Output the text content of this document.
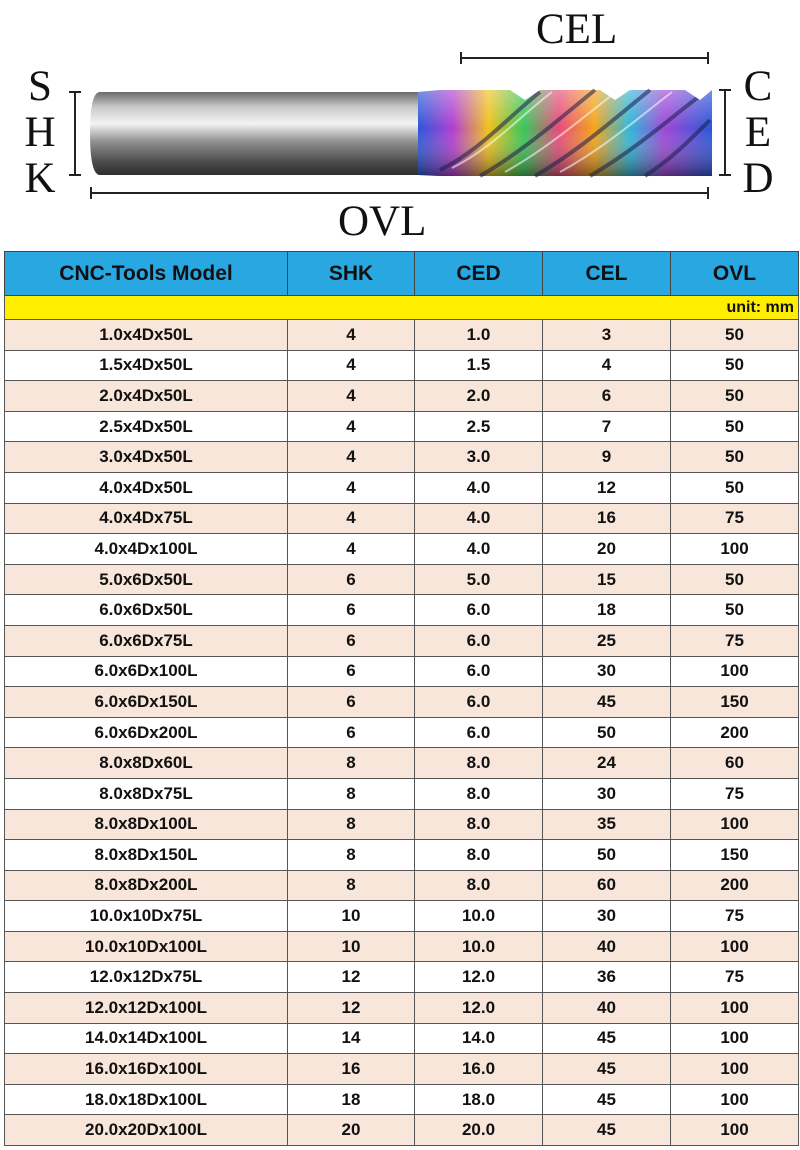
S
H
K
C
E
D
CEL
OVL
CNC-Tools Model	SHK	CED	CEL	OVL
unit: mm				
1.0x4Dx50L	4	1.0	3	50
1.5x4Dx50L	4	1.5	4	50
2.0x4Dx50L	4	2.0	6	50
2.5x4Dx50L	4	2.5	7	50
3.0x4Dx50L	4	3.0	9	50
4.0x4Dx50L	4	4.0	12	50
4.0x4Dx75L	4	4.0	16	75
4.0x4Dx100L	4	4.0	20	100
5.0x6Dx50L	6	5.0	15	50
6.0x6Dx50L	6	6.0	18	50
6.0x6Dx75L	6	6.0	25	75
6.0x6Dx100L	6	6.0	30	100
6.0x6Dx150L	6	6.0	45	150
6.0x6Dx200L	6	6.0	50	200
8.0x8Dx60L	8	8.0	24	60
8.0x8Dx75L	8	8.0	30	75
8.0x8Dx100L	8	8.0	35	100
8.0x8Dx150L	8	8.0	50	150
8.0x8Dx200L	8	8.0	60	200
10.0x10Dx75L	10	10.0	30	75
10.0x10Dx100L	10	10.0	40	100
12.0x12Dx75L	12	12.0	36	75
12.0x12Dx100L	12	12.0	40	100
14.0x14Dx100L	14	14.0	45	100
16.0x16Dx100L	16	16.0	45	100
18.0x18Dx100L	18	18.0	45	100
20.0x20Dx100L	20	20.0	45	100
